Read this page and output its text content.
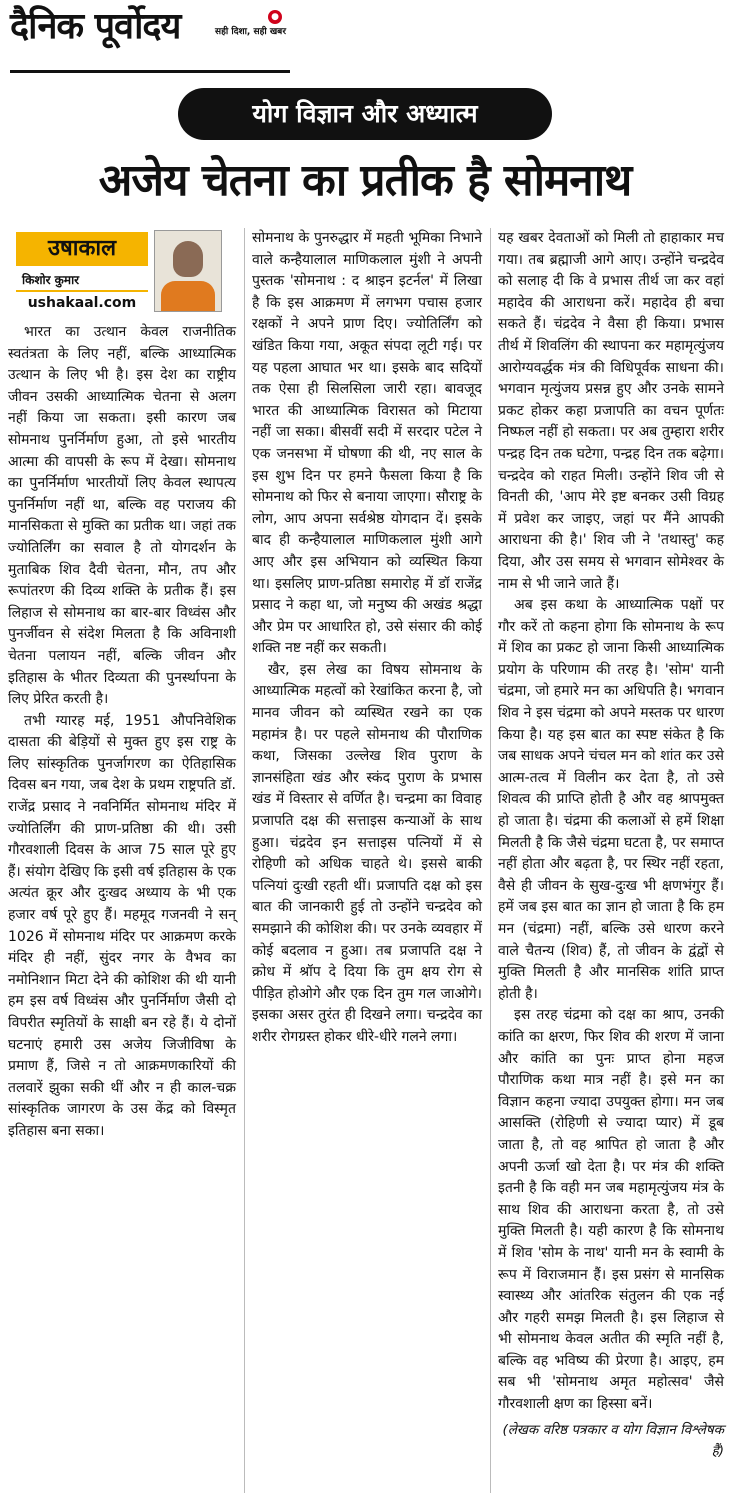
दैनिक पूर्वोदय	●
सही दिशा, सही खबर
योग विज्ञान और अध्यात्म
अजेय चेतना का प्रतीक है सोमनाथ
उषाकाल
किशोर कुमार
ushakaal.com

भारत का उत्थान केवल राजनीतिक स्वतंत्रता के लिए नहीं, बल्कि आध्यात्मिक उत्थान के लिए भी है। इस देश का राष्ट्रीय जीवन उसकी आध्यात्मिक चेतना से अलग नहीं किया जा सकता। इसी कारण जब सोमनाथ पुनर्निर्माण हुआ, तो इसे भारतीय आत्मा की वापसी के रूप में देखा। सोमनाथ का पुनर्निर्माण भारतीयों लिए केवल स्थापत्य पुनर्निर्माण नहीं था, बल्कि वह पराजय की मानसिकता से मुक्ति का प्रतीक था। जहां तक ज्योतिर्लिंग का सवाल है तो योगदर्शन के मुताबिक शिव दैवी चेतना, मौन, तप और रूपांतरण की दिव्य शक्ति के प्रतीक हैं। इस लिहाज से सोमनाथ का बार-बार विध्वंस और पुनर्जीवन से संदेश मिलता है कि अविनाशी चेतना पलायन नहीं, बल्कि जीवन और इतिहास के भीतर दिव्यता की पुनर्स्थापना के लिए प्रेरित करती है।

तभी ग्यारह मई, 1951 औपनिवेशिक दासता की बेड़ियों से मुक्त हुए इस राष्ट्र के लिए सांस्कृतिक पुनर्जागरण का ऐतिहासिक दिवस बन गया, जब देश के प्रथम राष्ट्रपति डॉ. राजेंद्र प्रसाद ने नवनिर्मित सोमनाथ मंदिर में ज्योतिर्लिंग की प्राण-प्रतिष्ठा की थी। उसी गौरवशाली दिवस के आज 75 साल पूरे हुए हैं। संयोग देखिए कि इसी वर्ष इतिहास के एक अत्यंत क्रूर और दुःखद अध्याय के भी एक हजार वर्ष पूरे हुए हैं। महमूद गजनवी ने सन् 1026 में सोमनाथ मंदिर पर आक्रमण करके मंदिर ही नहीं, सुंदर नगर के वैभव का नमोनिशान मिटा देने की कोशिश की थी यानी हम इस वर्ष विध्वंस और पुनर्निर्माण जैसी दो विपरीत स्मृतियों के साक्षी बन रहे हैं। ये दोनों घटनाएं हमारी उस अजेय जिजीविषा के प्रमाण हैं, जिसे न तो आक्रमणकारियों की तलवारें झुका सकी थीं और न ही काल-चक्र सांस्कृतिक जागरण के उस केंद्र को विस्मृत इतिहास बना सका।

सोमनाथ के पुनरुद्धार में महती भूमिका निभाने वाले कन्हैयालाल माणिकलाल मुंशी ने अपनी पुस्तक 'सोमनाथ : द श्राइन इटर्नल' में लिखा है कि इस आक्रमण में लगभग पचास हजार रक्षकों ने अपने प्राण दिए। ज्योतिर्लिंग को खंडित किया गया, अकूत संपदा लूटी गई। पर यह पहला आघात भर था। इसके बाद सदियों तक ऐसा ही सिलसिला जारी रहा। बावजूद भारत की आध्यात्मिक विरासत को मिटाया नहीं जा सका। बीसवीं सदी में सरदार पटेल ने एक जनसभा में घोषणा की थी, नए साल के इस शुभ दिन पर हमने फैसला किया है कि सोमनाथ को फिर से बनाया जाएगा। सौराष्ट्र के लोग, आप अपना सर्वश्रेष्ठ योगदान दें। इसके बाद ही कन्हैयालाल माणिकलाल मुंशी आगे आए और इस अभियान को व्यस्थित किया था। इसलिए प्राण-प्रतिष्ठा समारोह में डॉ राजेंद्र प्रसाद ने कहा था, जो मनुष्य की अखंड श्रद्धा और प्रेम पर आधारित हो, उसे संसार की कोई शक्ति नष्ट नहीं कर सकती।

खैर, इस लेख का विषय सोमनाथ के आध्यात्मिक महत्वों को रेखांकित करना है, जो मानव जीवन को व्यस्थित रखने का एक महामंत्र है। पर पहले सोमनाथ की पौराणिक कथा, जिसका उल्लेख शिव पुराण के ज्ञानसंहिता खंड और स्कंद पुराण के प्रभास खंड में विस्तार से वर्णित है। चन्द्रमा का विवाह प्रजापति दक्ष की सत्ताइस कन्याओं के साथ हुआ। चंद्रदेव इन सत्ताइस पत्नियों में से रोहिणी को अधिक चाहते थे। इससे बाकी पत्नियां दुःखी रहती थीं। प्रजापति दक्ष को इस बात की जानकारी हुई तो उन्होंने चन्द्रदेव को समझाने की कोशिश की। पर उनके व्यवहार में कोई बदलाव न हुआ। तब प्रजापति दक्ष ने क्रोध में श्रॉप दे दिया कि तुम क्षय रोग से पीड़ित होओगे और एक दिन तुम गल जाओगे। इसका असर तुरंत ही दिखने लगा। चन्द्रदेव का शरीर रोगग्रस्त होकर धीरे-धीरे गलने लगा।

यह खबर देवताओं को मिली तो हाहाकार मच गया। तब ब्रह्माजी आगे आए। उन्होंने चन्द्रदेव को सलाह दी कि वे प्रभास तीर्थ जा कर वहां महादेव की आराधना करें। महादेव ही बचा सकते हैं। चंद्रदेव ने वैसा ही किया। प्रभास तीर्थ में शिवलिंग की स्थापना कर महामृत्युंजय आरोग्यवर्द्धक मंत्र की विधिपूर्वक साधना की। भगवान मृत्युंजय प्रसन्न हुए और उनके सामने प्रकट होकर कहा प्रजापति का वचन पूर्णतः निष्फल नहीं हो सकता। पर अब तुम्हारा शरीर पन्द्रह दिन तक घटेगा, पन्द्रह दिन तक बढ़ेगा। चन्द्रदेव को राहत मिली। उन्होंने शिव जी से विनती की, 'आप मेरे इष्ट बनकर उसी विग्रह में प्रवेश कर जाइए, जहां पर मैंने आपकी आराधना की है।' शिव जी ने 'तथास्तु' कह दिया, और उस समय से भगवान सोमेश्वर के नाम से भी जाने जाते हैं।

अब इस कथा के आध्यात्मिक पक्षों पर गौर करें तो कहना होगा कि सोमनाथ के रूप में शिव का प्रकट हो जाना किसी आध्यात्मिक प्रयोग के परिणाम की तरह है। 'सोम' यानी चंद्रमा, जो हमारे मन का अधिपति है। भगवान शिव ने इस चंद्रमा को अपने मस्तक पर धारण किया है। यह इस बात का स्पष्ट संकेत है कि जब साधक अपने चंचल मन को शांत कर उसे आत्म-तत्व में विलीन कर देता है, तो उसे शिवत्व की प्राप्ति होती है और वह श्रापमुक्त हो जाता है। चंद्रमा की कलाओं से हमें शिक्षा मिलती है कि जैसे चंद्रमा घटता है, पर समाप्त नहीं होता और बढ़ता है, पर स्थिर नहीं रहता, वैसे ही जीवन के सुख-दुःख भी क्षणभंगुर हैं। हमें जब इस बात का ज्ञान हो जाता है कि हम मन (चंद्रमा) नहीं, बल्कि उसे धारण करने वाले चैतन्य (शिव) हैं, तो जीवन के द्वंद्वों से मुक्ति मिलती है और मानसिक शांति प्राप्त होती है।

इस तरह चंद्रमा को दक्ष का श्राप, उनकी कांति का क्षरण, फिर शिव की शरण में जाना और कांति का पुनः प्राप्त होना महज पौराणिक कथा मात्र नहीं है। इसे मन का विज्ञान कहना ज्यादा उपयुक्त होगा। मन जब आसक्ति (रोहिणी से ज्यादा प्यार) में डूब जाता है, तो वह श्रापित हो जाता है और अपनी ऊर्जा खो देता है। पर मंत्र की शक्ति इतनी है कि वही मन जब महामृत्युंजय मंत्र के साथ शिव की आराधना करता है, तो उसे मुक्ति मिलती है। यही कारण है कि सोमनाथ में शिव 'सोम के नाथ' यानी मन के स्वामी के रूप में विराजमान हैं। इस प्रसंग से मानसिक स्वास्थ्य और आंतरिक संतुलन की एक नई और गहरी समझ मिलती है। इस लिहाज से भी सोमनाथ केवल अतीत की स्मृति नहीं है, बल्कि वह भविष्य की प्रेरणा है। आइए, हम सब भी 'सोमनाथ अमृत महोत्सव' जैसे गौरवशाली क्षण का हिस्सा बनें।

(लेखक वरिष्ठ पत्रकार व योग विज्ञान विश्लेषक हैं)
